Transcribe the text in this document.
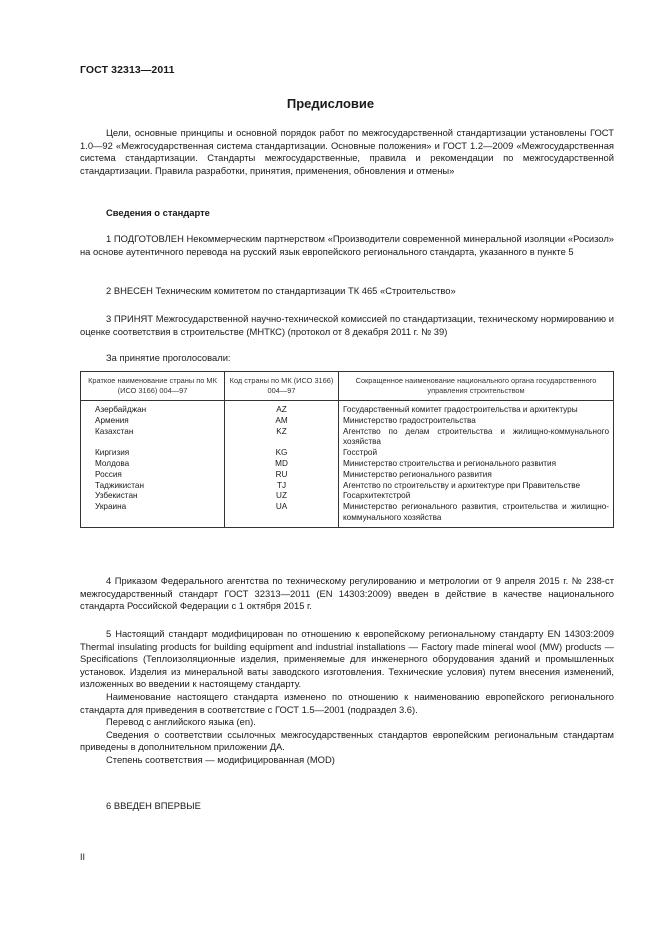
ГОСТ 32313—2011
Предисловие

Цели, основные принципы и основной порядок работ по межгосударственной стандартизации установлены ГОСТ 1.0—92 «Межгосударственная система стандартизации. Основные положения» и ГОСТ 1.2—2009 «Межгосударственная система стандартизации. Стандарты межгосударственные, правила и рекомендации по межгосударственной стандартизации. Правила разработки, принятия, применения, обновления и отмены»

Сведения о стандарте

1 ПОДГОТОВЛЕН Некоммерческим партнерством «Производители современной минеральной изоляции «Росизол» на основе аутентичного перевода на русский язык европейского регионального стандарта, указанного в пункте 5

2 ВНЕСЕН Техническим комитетом по стандартизации ТК 465 «Строительство»

3 ПРИНЯТ Межгосударственной научно-технической комиссией по стандартизации, техническому нормированию и оценке соответствия в строительстве (МНТКС) (протокол от 8 декабря 2011 г. № 39)

За принятие проголосовали:

Краткое наименование страны по МК (ИСО 3166) 004—97	Код страны по МК (ИСО 3166) 004—97	Сокращенное наименование национального органа государственного управления строительством
Азербайджан	AZ	Государственный комитет градостроительства и архитектуры
Армения	AM	Министерство градостроительства
Казахстан	KZ	Агентство по делам строительства и жилищно-коммунального хозяйства
Киргизия	KG	Госстрой
Молдова	MD	Министерство строительства и регионального развития
Россия	RU	Министерство регионального развития
Таджикистан	TJ	Агентство по строительству и архитектуре при Правительстве
Узбекистан	UZ	Госархитектстрой
Украина	UA	Министерство регионального развития, строительства и жилищно-коммунального хозяйства

4 Приказом Федерального агентства по техническому регулированию и метрологии от 9 апреля 2015 г. № 238-ст межгосударственный стандарт ГОСТ 32313—2011 (EN 14303:2009) введен в действие в качестве национального стандарта Российской Федерации с 1 октября 2015 г.

5 Настоящий стандарт модифицирован по отношению к европейскому региональному стандарту EN 14303:2009 Thermal insulating products for building equipment and industrial installations — Factory made mineral wool (MW) products — Specifications (Теплоизоляционные изделия, применяемые для инженерного оборудования зданий и промышленных установок. Изделия из минеральной ваты заводского изготовления. Технические условия) путем внесения изменений, изложенных во введении к настоящему стандарту.

Наименование настоящего стандарта изменено по отношению к наименованию европейского регионального стандарта для приведения в соответствие с ГОСТ 1.5—2001 (подраздел 3.6).

Перевод с английского языка (en).

Сведения о соответствии ссылочных межгосударственных стандартов европейским региональным стандартам приведены в дополнительном приложении ДА.

Степень соответствия — модифицированная (MOD)

6 ВВЕДЕН ВПЕРВЫЕ

II
